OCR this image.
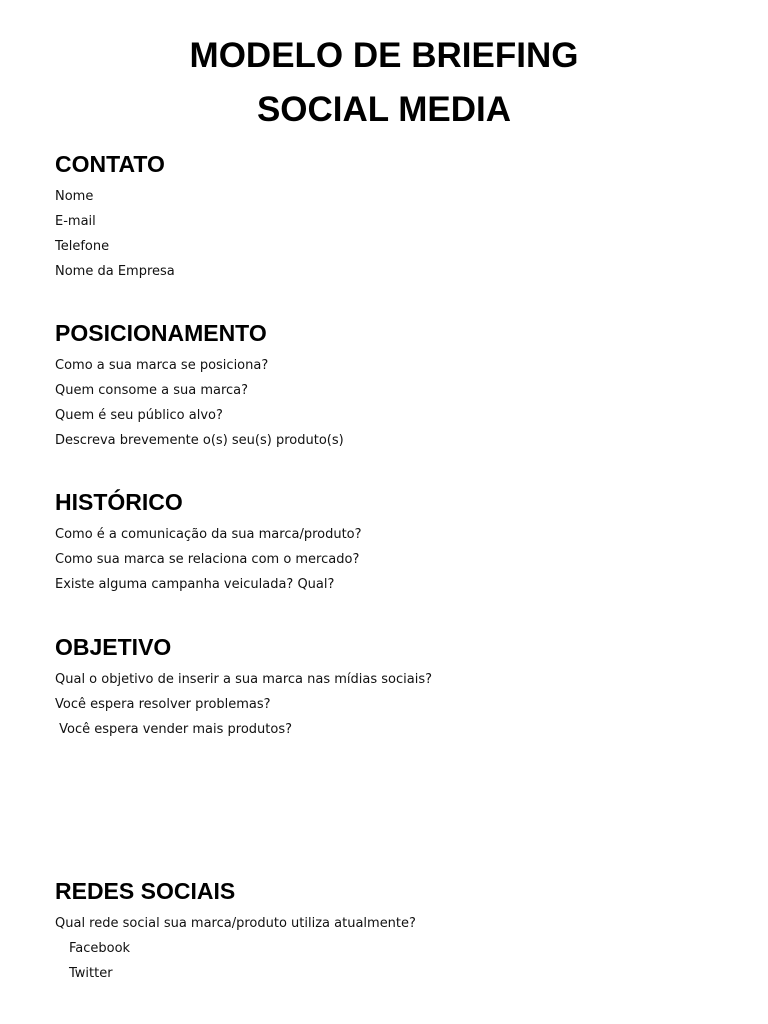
MODELO DE BRIEFING
SOCIAL MEDIA
CONTATO
Nome
E-mail
Telefone
Nome da Empresa
POSICIONAMENTO
Como a sua marca se posiciona?
Quem consome a sua marca?
Quem é seu público alvo?
Descreva brevemente o(s) seu(s) produto(s)
HISTÓRICO
Como é a comunicação da sua marca/produto?
Como sua marca se relaciona com o mercado?
Existe alguma campanha veiculada? Qual?
OBJETIVO
Qual o objetivo de inserir a sua marca nas mídias sociais?
Você espera resolver problemas?
Você espera vender mais produtos?
REDES SOCIAIS
Qual rede social sua marca/produto utiliza atualmente?
Facebook
Twitter
